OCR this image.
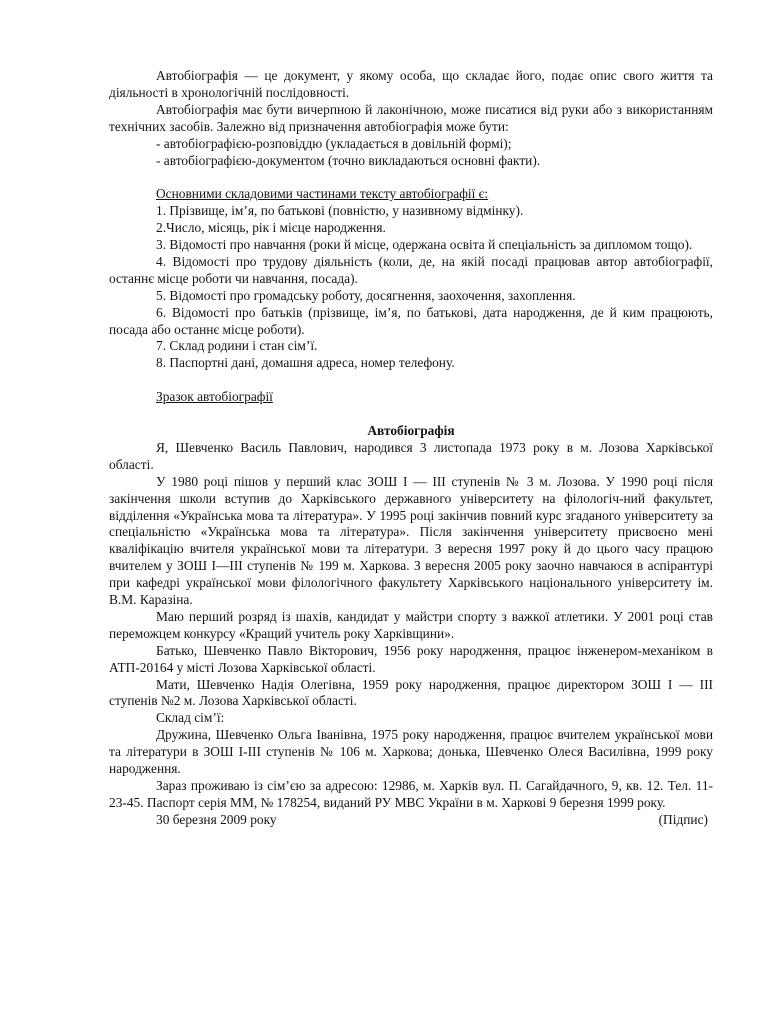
Автобіографія — це документ, у якому особа, що складає його, подає опис свого життя та діяльності в хронологічній послідовності.

Автобіографія має бути вичерпною й лаконічною, може писатися від руки або з використанням технічних засобів. Залежно від призначення автобіографія може бути:

- автобіографією-розповіддю (укладається в довільній формі);

- автобіографією-документом (точно викладаються основні факти).

Основними складовими частинами тексту автобіографії є:

1. Прізвище, ім’я, по батькові (повністю, у називному відмінку).

2.Число, місяць, рік і місце народження.

3. Відомості про навчання (роки й місце, одержана освіта й спеціальність за дипломом тощо).

4. Відомості про трудову діяльність (коли, де, на якій посаді працював автор автобіографії, останнє місце роботи чи навчання, посада).

5. Відомості про громадську роботу, досягнення, заохочення, захоплення.

6. Відомості про батьків (прізвище, ім’я, по батькові, дата народження, де й ким працюють, посада або останнє місце роботи).

7. Склад родини і стан сім’ї.

8. Паспортні дані, домашня адреса, номер телефону.

Зразок автобіографії

Автобіографія

Я, Шевченко Василь Павлович, народився 3 листопада 1973 року в м. Лозова Харківської області.

У 1980 році пішов у перший клас ЗОШ І — ІІІ ступенів № 3 м. Лозова. У 1990 році після закінчення школи вступив до Харківського державного університету на філологіч-ний факультет, відділення «Українська мова та література». У 1995 році закінчив повний курс згаданого університету за спеціальністю «Українська мова та література». Після закінчення університету присвоєно мені кваліфікацію вчителя української мови та літератури. З вересня 1997 року й до цього часу працюю вчителем у ЗОШ І—ІІІ ступенів № 199 м. Харкова. З вересня 2005 року заочно навчаюся в аспірантурі при кафедрі української мови філологічного факультету Харківського національного університету ім. В.М. Каразіна.

Маю перший розряд із шахів, кандидат у майстри спорту з важкої атлетики. У 2001 році став переможцем конкурсу «Кращий учитель року Харківщини».

Батько, Шевченко Павло Вікторович, 1956 року народження, працює інженером-механіком в АТП-20164 у місті Лозова Харківської області.

Мати, Шевченко Надія Олегівна, 1959 року народження, працює директором ЗОШ І — ІІІ ступенів №2 м. Лозова Харківської області.

Склад сім’ї:

Дружина, Шевченко Ольга Іванівна, 1975 року народження, працює вчителем української мови та літератури в ЗОШ І-ІІІ ступенів № 106 м. Харкова; донька, Шевченко Олеся Василівна, 1999 року народження.

Зараз проживаю із сім’єю за адресою: 12986, м. Харків вул. П. Сагайдачного, 9, кв. 12. Тел. 11-23-45. Паспорт серія ММ, № 178254, виданий РУ МВС України в м. Харкові 9 березня 1999 року.

30 березня 2009 року	(Підпис)
